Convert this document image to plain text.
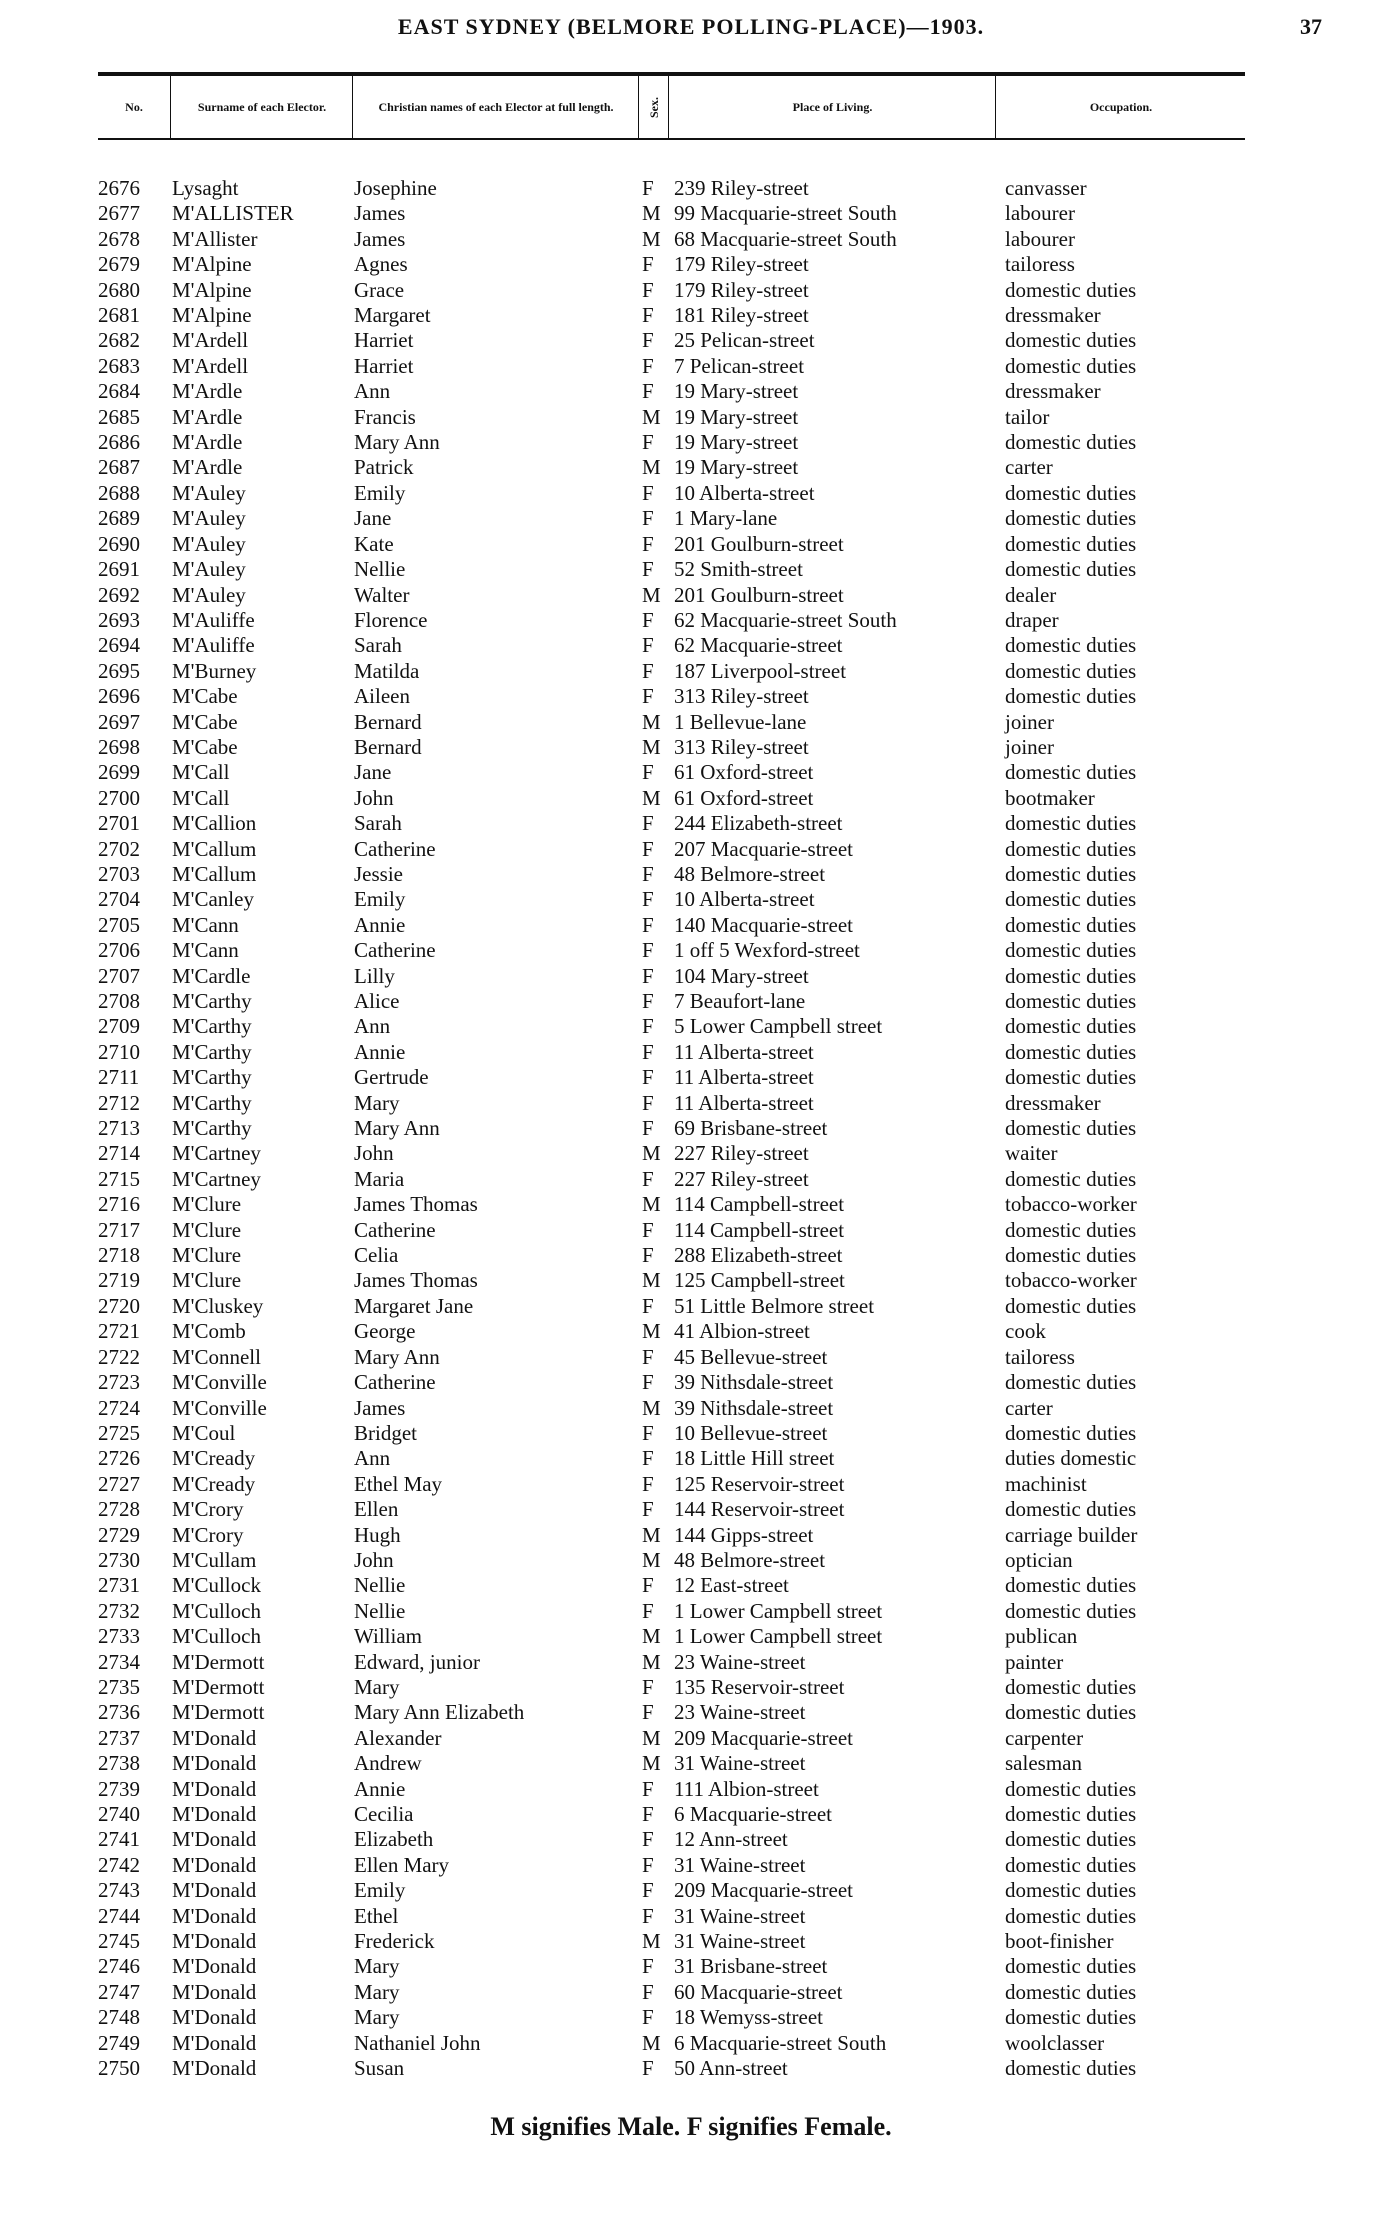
EAST SYDNEY (BELMORE POLLING-PLACE)—1903.	37
No.	Surname of each Elector.	Christian names of each Elector at full length.	Sex.	Place of Living.	Occupation.
2676 Lysaght	Josephine	F 239 Riley-street	canvasser
2677 M'ALLISTER	James	M 99 Macquarie-street South	labourer
2678 M'Allister	James	M 68 Macquarie-street South	labourer
2679 M'Alpine	Agnes	F 179 Riley-street	tailoress
2680 M'Alpine	Grace	F 179 Riley-street	domestic duties
2681 M'Alpine	Margaret	F 181 Riley-street	dressmaker
2682 M'Ardell	Harriet	F 25 Pelican-street	domestic duties
2683 M'Ardell	Harriet	F 7 Pelican-street	domestic duties
2684 M'Ardle	Ann	F 19 Mary-street	dressmaker
2685 M'Ardle	Francis	M 19 Mary-street	tailor
2686 M'Ardle	Mary Ann	F 19 Mary-street	domestic duties
2687 M'Ardle	Patrick	M 19 Mary-street	carter
2688 M'Auley	Emily	F 10 Alberta-street	domestic duties
2689 M'Auley	Jane	F 1 Mary-lane	domestic duties
2690 M'Auley	Kate	F 201 Goulburn-street	domestic duties
2691 M'Auley	Nellie	F 52 Smith-street	domestic duties
2692 M'Auley	Walter	M 201 Goulburn-street	dealer
2693 M'Auliffe	Florence	F 62 Macquarie-street South	draper
2694 M'Auliffe	Sarah	F 62 Macquarie-street	domestic duties
2695 M'Burney	Matilda	F 187 Liverpool-street	domestic duties
2696 M'Cabe	Aileen	F 313 Riley-street	domestic duties
2697 M'Cabe	Bernard	M 1 Bellevue-lane	joiner
2698 M'Cabe	Bernard	M 313 Riley-street	joiner
2699 M'Call	Jane	F 61 Oxford-street	domestic duties
2700 M'Call	John	M 61 Oxford-street	bootmaker
2701 M'Callion	Sarah	F 244 Elizabeth-street	domestic duties
2702 M'Callum	Catherine	F 207 Macquarie-street	domestic duties
2703 M'Callum	Jessie	F 48 Belmore-street	domestic duties
2704 M'Canley	Emily	F 10 Alberta-street	domestic duties
2705 M'Cann	Annie	F 140 Macquarie-street	domestic duties
2706 M'Cann	Catherine	F 1 off 5 Wexford-street	domestic duties
2707 M'Cardle	Lilly	F 104 Mary-street	domestic duties
2708 M'Carthy	Alice	F 7 Beaufort-lane	domestic duties
2709 M'Carthy	Ann	F 5 Lower Campbell street	domestic duties
2710 M'Carthy	Annie	F 11 Alberta-street	domestic duties
2711 M'Carthy	Gertrude	F 11 Alberta-street	domestic duties
2712 M'Carthy	Mary	F 11 Alberta-street	dressmaker
2713 M'Carthy	Mary Ann	F 69 Brisbane-street	domestic duties
2714 M'Cartney	John	M 227 Riley-street	waiter
2715 M'Cartney	Maria	F 227 Riley-street	domestic duties
2716 M'Clure	James Thomas	M 114 Campbell-street	tobacco-worker
2717 M'Clure	Catherine	F 114 Campbell-street	domestic duties
2718 M'Clure	Celia	F 288 Elizabeth-street	domestic duties
2719 M'Clure	James Thomas	M 125 Campbell-street	tobacco-worker
2720 M'Cluskey	Margaret Jane	F 51 Little Belmore street	domestic duties
2721 M'Comb	George	M 41 Albion-street	cook
2722 M'Connell	Mary Ann	F 45 Bellevue-street	tailoress
2723 M'Conville	Catherine	F 39 Nithsdale-street	domestic duties
2724 M'Conville	James	M 39 Nithsdale-street	carter
2725 M'Coul	Bridget	F 10 Bellevue-street	domestic duties
2726 M'Cready	Ann	F 18 Little Hill street	duties domestic
2727 M'Cready	Ethel May	F 125 Reservoir-street	machinist
2728 M'Crory	Ellen	F 144 Reservoir-street	domestic duties
2729 M'Crory	Hugh	M 144 Gipps-street	carriage builder
2730 M'Cullam	John	M 48 Belmore-street	optician
2731 M'Cullock	Nellie	F 12 East-street	domestic duties
2732 M'Culloch	Nellie	F 1 Lower Campbell street	domestic duties
2733 M'Culloch	William	M 1 Lower Campbell street	publican
2734 M'Dermott	Edward, junior	M 23 Waine-street	painter
2735 M'Dermott	Mary	F 135 Reservoir-street	domestic duties
2736 M'Dermott	Mary Ann Elizabeth	F 23 Waine-street	domestic duties
2737 M'Donald	Alexander	M 209 Macquarie-street	carpenter
2738 M'Donald	Andrew	M 31 Waine-street	salesman
2739 M'Donald	Annie	F 111 Albion-street	domestic duties
2740 M'Donald	Cecilia	F 6 Macquarie-street	domestic duties
2741 M'Donald	Elizabeth	F 12 Ann-street	domestic duties
2742 M'Donald	Ellen Mary	F 31 Waine-street	domestic duties
2743 M'Donald	Emily	F 209 Macquarie-street	domestic duties
2744 M'Donald	Ethel	F 31 Waine-street	domestic duties
2745 M'Donald	Frederick	M 31 Waine-street	boot-finisher
2746 M'Donald	Mary	F 31 Brisbane-street	domestic duties
2747 M'Donald	Mary	F 60 Macquarie-street	domestic duties
2748 M'Donald	Mary	F 18 Wemyss-street	domestic duties
2749 M'Donald	Nathaniel John	M 6 Macquarie-street South	woolclasser
2750 M'Donald	Susan	F 50 Ann-street	domestic duties
M signifies Male. F signifies Female.
